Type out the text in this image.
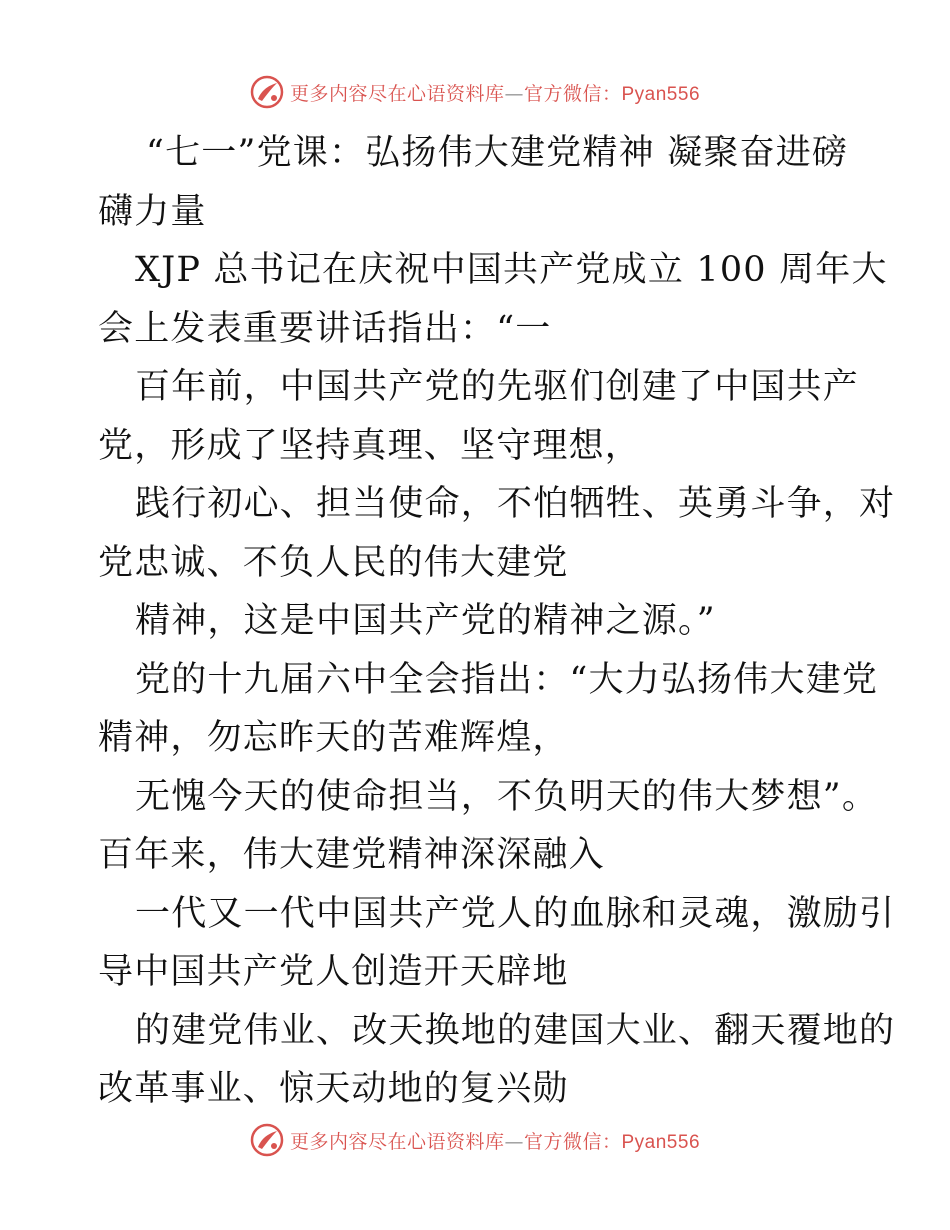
更多内容尽在心语资料库—官方微信：Pyan556
“七一”党课：弘扬伟大建党精神 凝聚奋进磅
礴力量
XJP 总书记在庆祝中国共产党成立 100 周年大
会上发表重要讲话指出：“一
百年前，中国共产党的先驱们创建了中国共产
党，形成了坚持真理、坚守理想，
践行初心、担当使命，不怕牺牲、英勇斗争，对
党忠诚、不负人民的伟大建党
精神，这是中国共产党的精神之源。”
党的十九届六中全会指出：“大力弘扬伟大建党
精神，勿忘昨天的苦难辉煌，
无愧今天的使命担当，不负明天的伟大梦想”。
百年来，伟大建党精神深深融入
一代又一代中国共产党人的血脉和灵魂，激励引
导中国共产党人创造开天辟地
的建党伟业、改天换地的建国大业、翻天覆地的
改革事业、惊天动地的复兴勋
更多内容尽在心语资料库—官方微信：Pyan556
